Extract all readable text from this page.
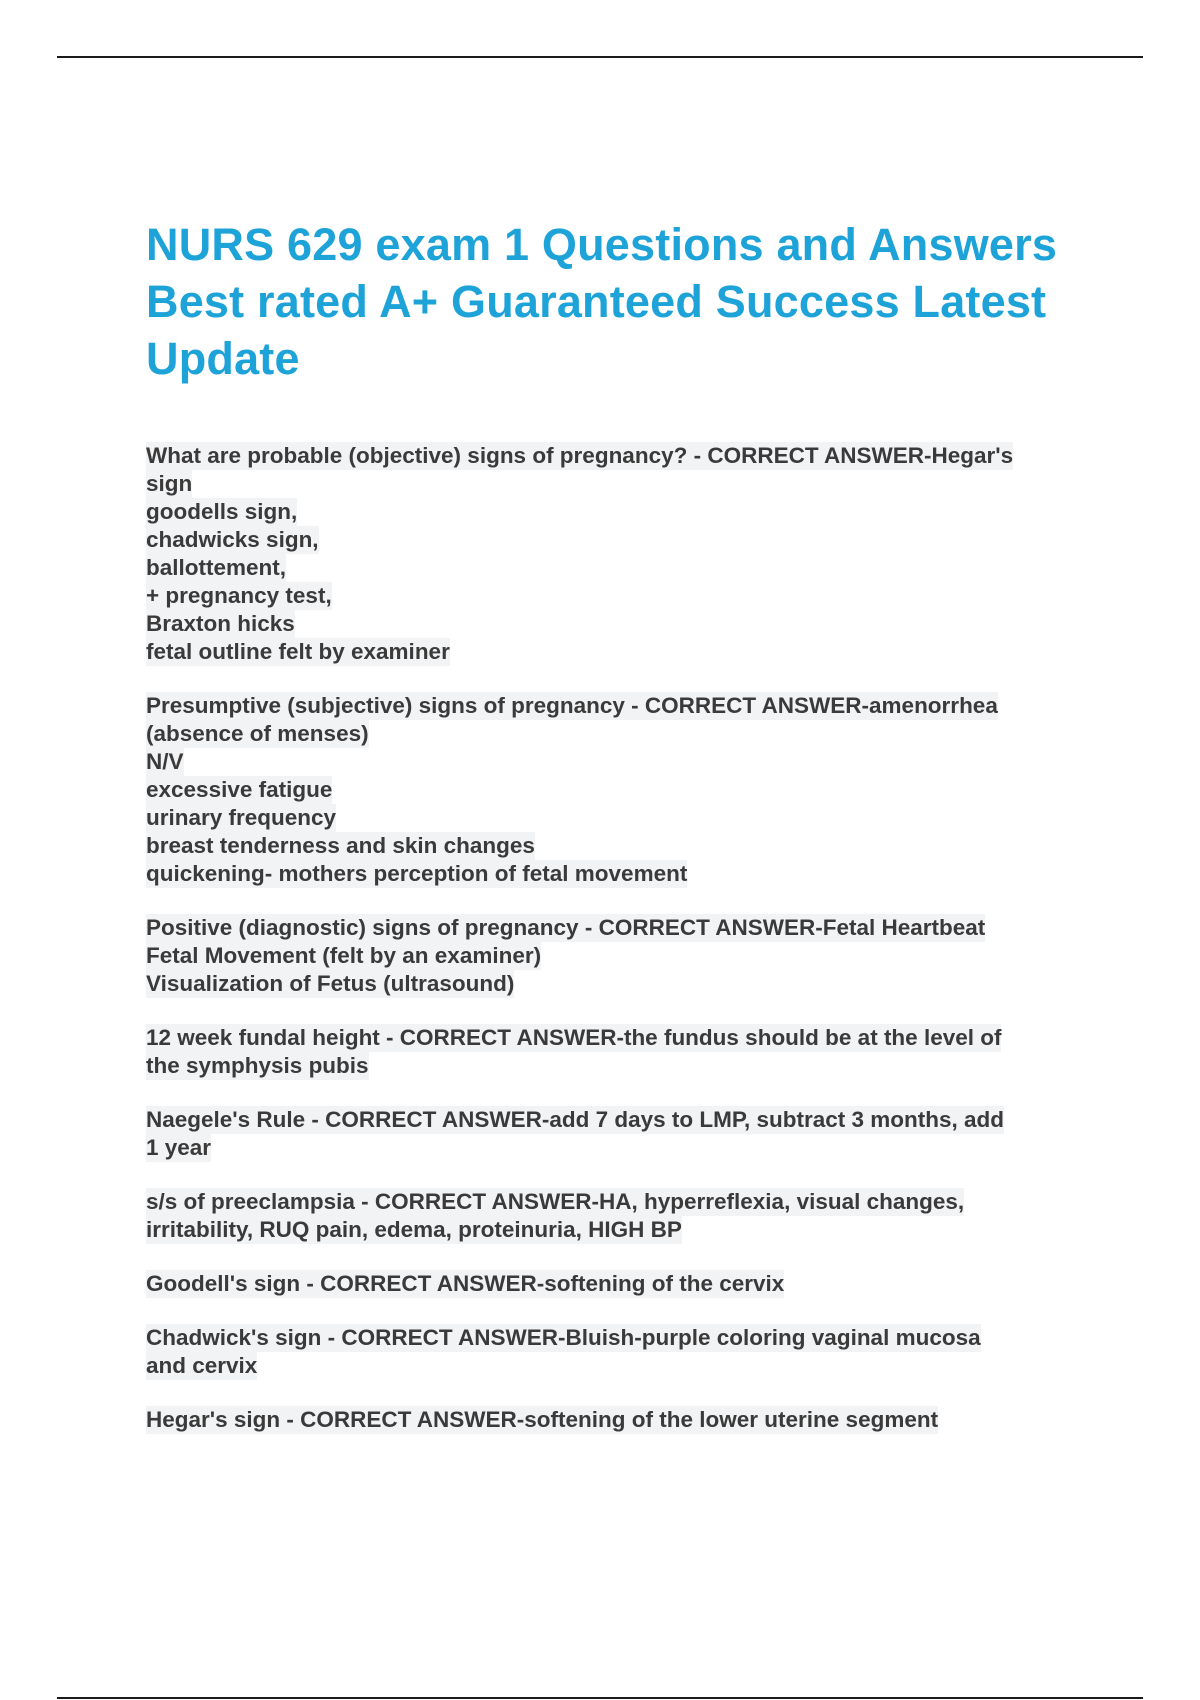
NURS 629 exam 1 Questions and Answers Best rated A+ Guaranteed Success Latest Update
What are probable (objective) signs of pregnancy? - CORRECT ANSWER-Hegar's
sign
goodells sign,
chadwicks sign,
ballottement,
+ pregnancy test,
Braxton hicks
fetal outline felt by examiner
Presumptive (subjective) signs of pregnancy - CORRECT ANSWER-amenorrhea
(absence of menses)
N/V
excessive fatigue
urinary frequency
breast tenderness and skin changes
quickening- mothers perception of fetal movement
Positive (diagnostic) signs of pregnancy - CORRECT ANSWER-Fetal Heartbeat
Fetal Movement (felt by an examiner)
Visualization of Fetus (ultrasound)
12 week fundal height - CORRECT ANSWER-the fundus should be at the level of
the symphysis pubis
Naegele's Rule - CORRECT ANSWER-add 7 days to LMP, subtract 3 months, add
1 year
s/s of preeclampsia - CORRECT ANSWER-HA, hyperreflexia, visual changes,
irritability, RUQ pain, edema, proteinuria, HIGH BP
Goodell's sign - CORRECT ANSWER-softening of the cervix
Chadwick's sign - CORRECT ANSWER-Bluish-purple coloring vaginal mucosa
and cervix
Hegar's sign - CORRECT ANSWER-softening of the lower uterine segment
